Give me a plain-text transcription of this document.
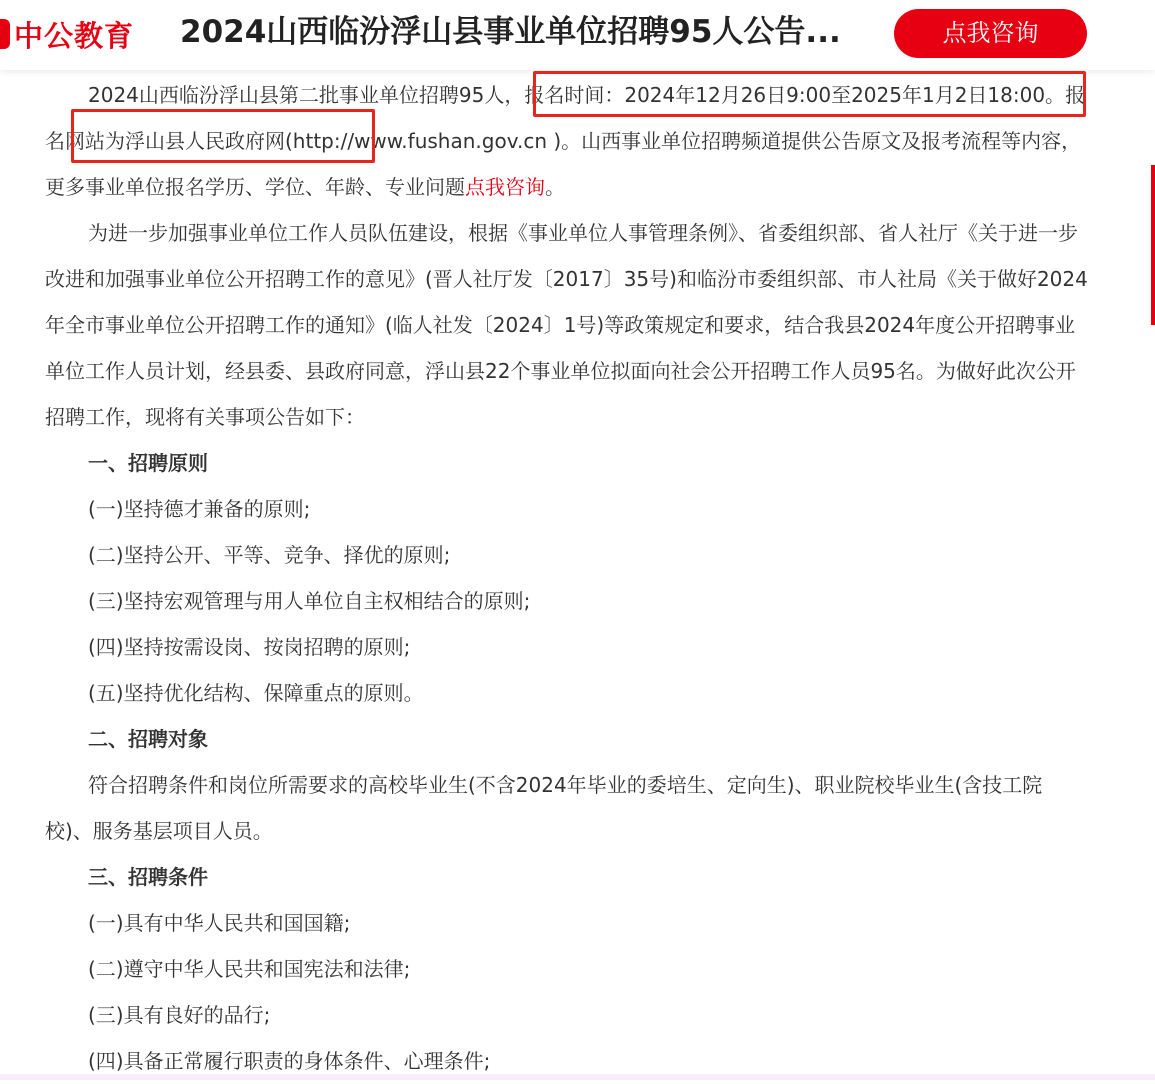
中公教育 2024山西临汾浮山县事业单位招聘95人公告...	点我咨询

2024山西临汾浮山县第二批事业单位招聘95人，报名时间：2024年12月26日9:00至2025年1月2日18:00。报名网站为浮山县人民政府网(http://www.fushan.gov.cn )。山西事业单位招聘频道提供公告原文及报考流程等内容，更多事业单位报名学历、学位、年龄、专业问题点我咨询。

为进一步加强事业单位工作人员队伍建设，根据《事业单位人事管理条例》、省委组织部、省人社厅《关于进一步改进和加强事业单位公开招聘工作的意见》(晋人社厅发〔2017〕35号)和临汾市委组织部、市人社局《关于做好2024年全市事业单位公开招聘工作的通知》(临人社发〔2024〕1号)等政策规定和要求，结合我县2024年度公开招聘事业单位工作人员计划，经县委、县政府同意，浮山县22个事业单位拟面向社会公开招聘工作人员95名。为做好此次公开招聘工作，现将有关事项公告如下：

一、招聘原则

(一)坚持德才兼备的原则;

(二)坚持公开、平等、竞争、择优的原则;

(三)坚持宏观管理与用人单位自主权相结合的原则;

(四)坚持按需设岗、按岗招聘的原则;

(五)坚持优化结构、保障重点的原则。

二、招聘对象

符合招聘条件和岗位所需要求的高校毕业生(不含2024年毕业的委培生、定向生)、职业院校毕业生(含技工院校)、服务基层项目人员。

三、招聘条件

(一)具有中华人民共和国国籍;

(二)遵守中华人民共和国宪法和法律;

(三)具有良好的品行;

(四)具备正常履行职责的身体条件、心理条件;
